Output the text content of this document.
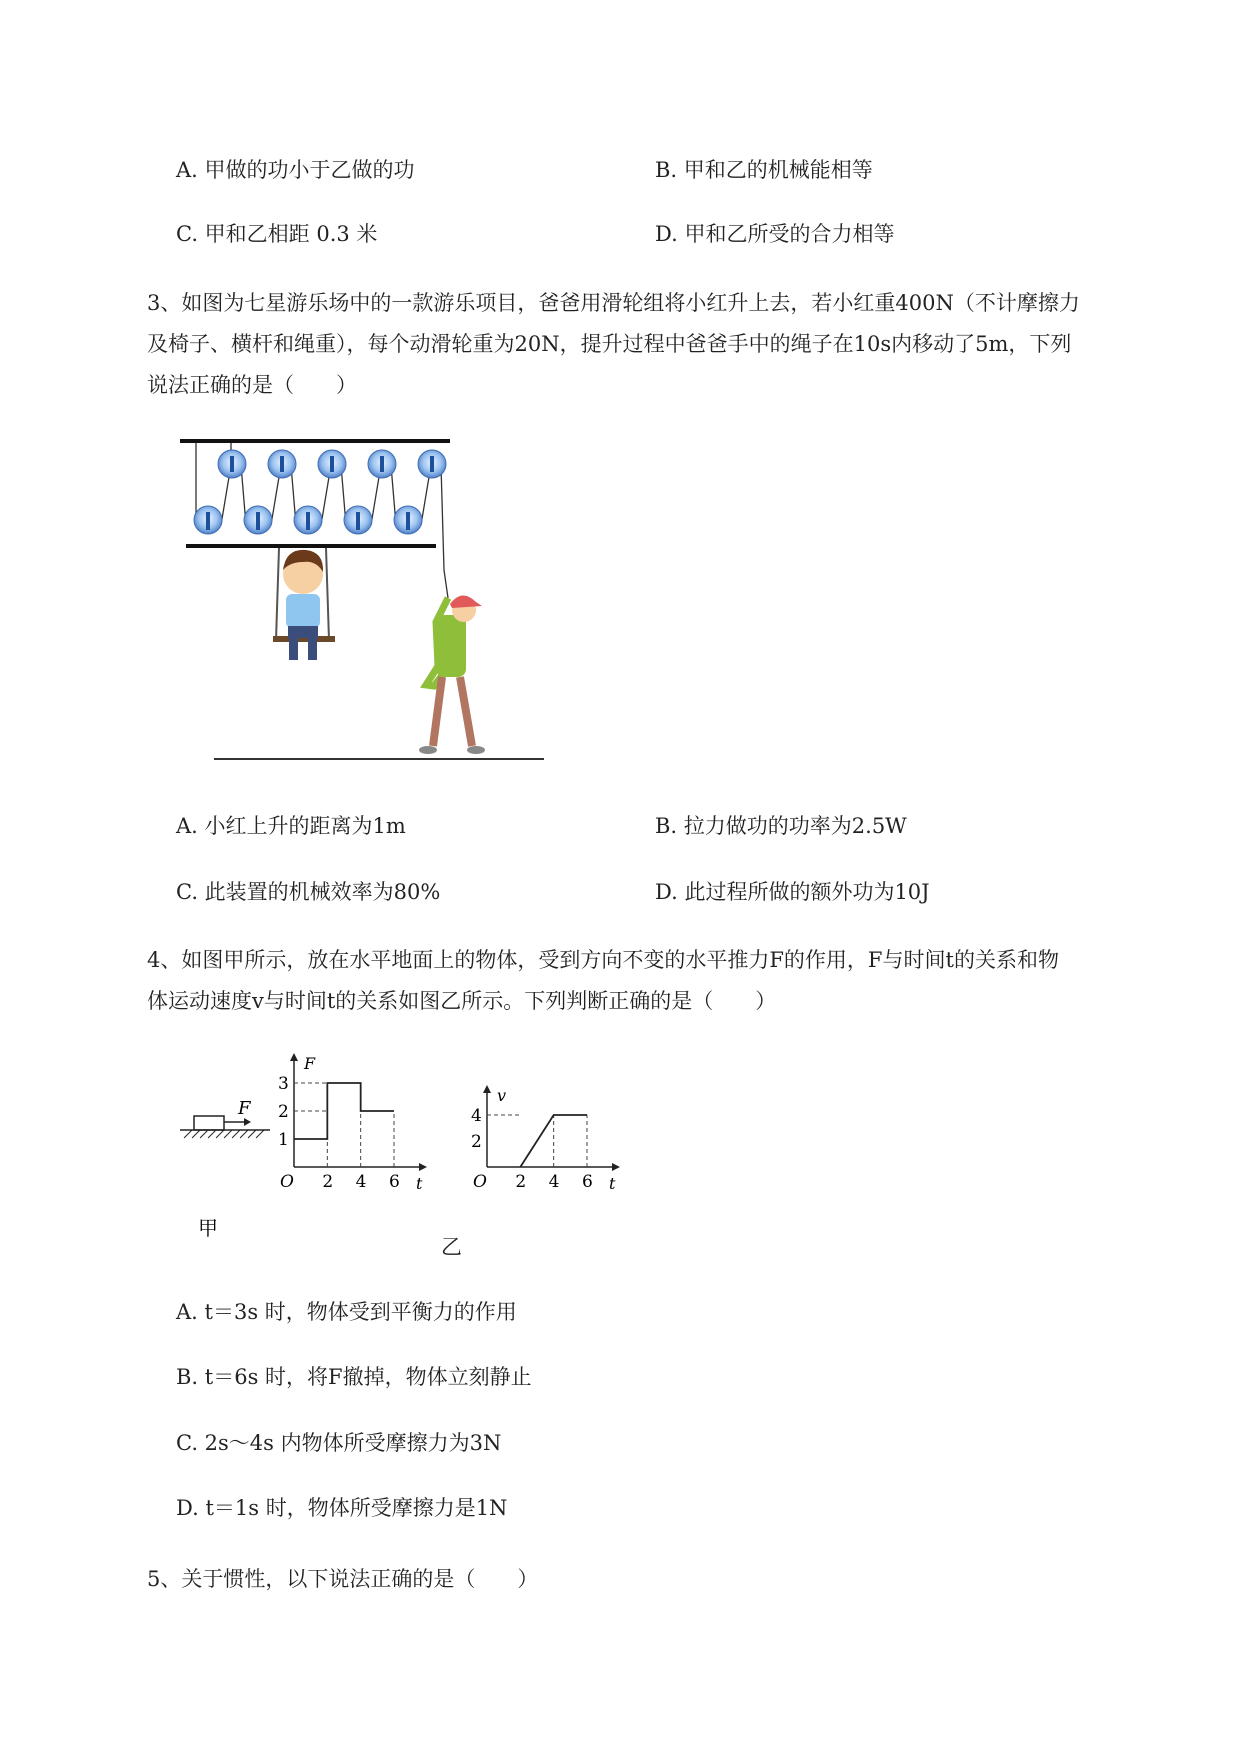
A. 甲做的功小于乙做的功	B. 甲和乙的机械能相等
C. 甲和乙相距 0.3 米	D. 甲和乙所受的合力相等
3、如图为七星游乐场中的一款游乐项目，爸爸用滑轮组将小红升上去，若小红重400N（不计摩擦力
及椅子、横杆和绳重），每个动滑轮重为20N，提升过程中爸爸手中的绳子在10s内移动了5m，下列
说法正确的是（　　）
A. 小红上升的距离为1m	B. 拉力做功的功率为2.5W
C. 此装置的机械效率为80%	D. 此过程所做的额外功为10J
4、如图甲所示，放在水平地面上的物体，受到方向不变的水平推力F的作用，F与时间t的关系和物
体运动速度v与时间t的关系如图乙所示。下列判断正确的是（　　）
F
甲
t
F
O 2 4 6
1
2
3
乙
t
v
O 2 4 6
2
4
A. t＝3s 时，物体受到平衡力的作用
B. t＝6s 时，将F撤掉，物体立刻静止
C. 2s～4s 内物体所受摩擦力为3N
D. t＝1s 时，物体所受摩擦力是1N
5、关于惯性，以下说法正确的是（　　）
